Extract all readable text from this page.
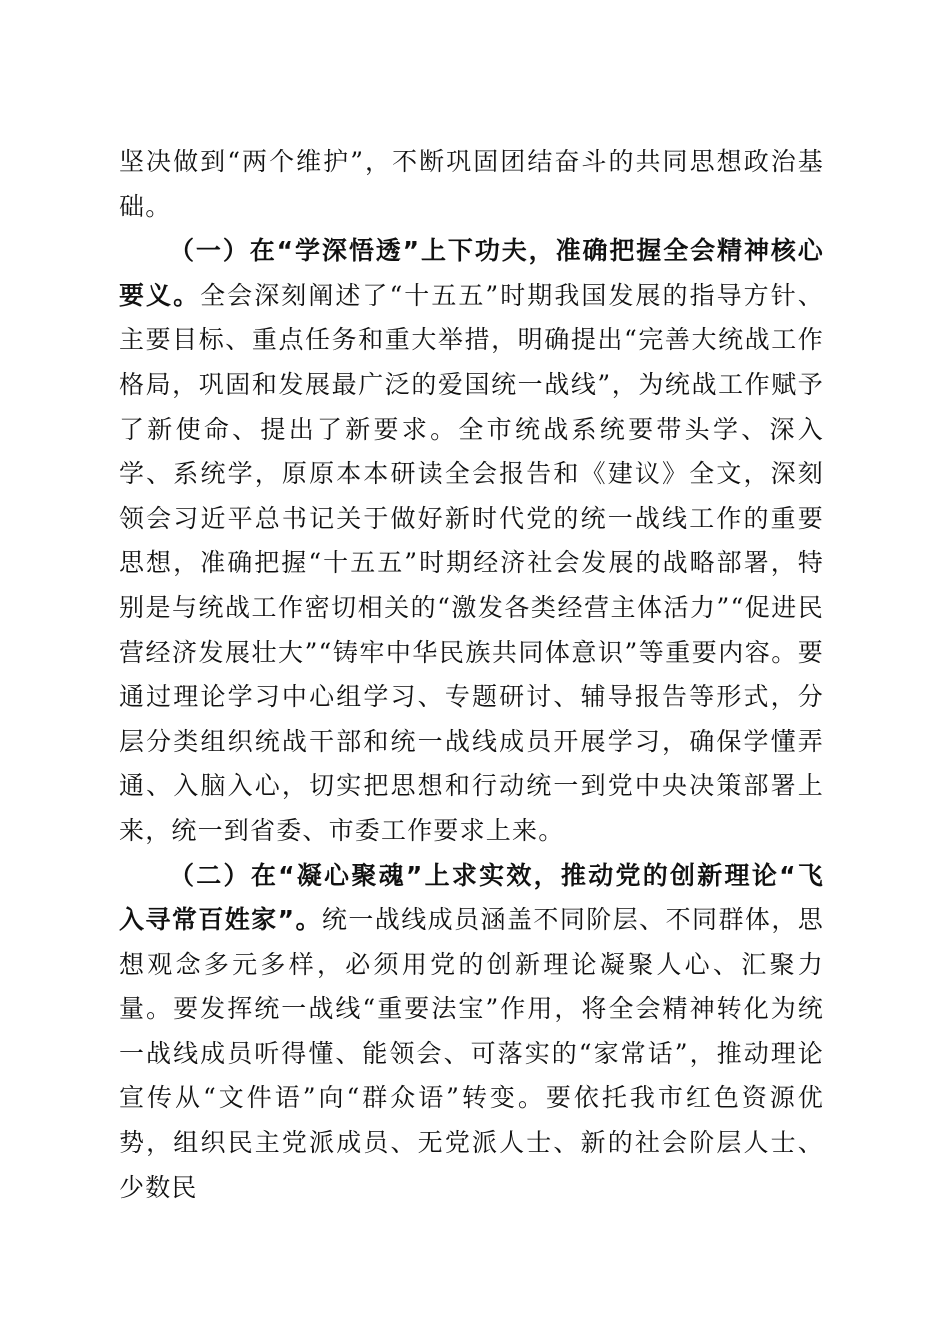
坚决做到“两个维护”，不断巩固团结奋斗的共同思想政治基础。

（一）在“学深悟透”上下功夫，准确把握全会精神核心要义。全会深刻阐述了“十五五”时期我国发展的指导方针、主要目标、重点任务和重大举措，明确提出“完善大统战工作格局，巩固和发展最广泛的爱国统一战线”，为统战工作赋予了新使命、提出了新要求。全市统战系统要带头学、深入学、系统学，原原本本研读全会报告和《建议》全文，深刻领会习近平总书记关于做好新时代党的统一战线工作的重要思想，准确把握“十五五”时期经济社会发展的战略部署，特别是与统战工作密切相关的“激发各类经营主体活力”“促进民营经济发展壮大”“铸牢中华民族共同体意识”等重要内容。要通过理论学习中心组学习、专题研讨、辅导报告等形式，分层分类组织统战干部和统一战线成员开展学习，确保学懂弄通、入脑入心，切实把思想和行动统一到党中央决策部署上来，统一到省委、市委工作要求上来。

（二）在“凝心聚魂”上求实效，推动党的创新理论“飞入寻常百姓家”。统一战线成员涵盖不同阶层、不同群体，思想观念多元多样，必须用党的创新理论凝聚人心、汇聚力量。要发挥统一战线“重要法宝”作用，将全会精神转化为统一战线成员听得懂、能领会、可落实的“家常话”，推动理论宣传从“文件语”向“群众语”转变。要依托我市红色资源优势，组织民主党派成员、无党派人士、新的社会阶层人士、少数民
